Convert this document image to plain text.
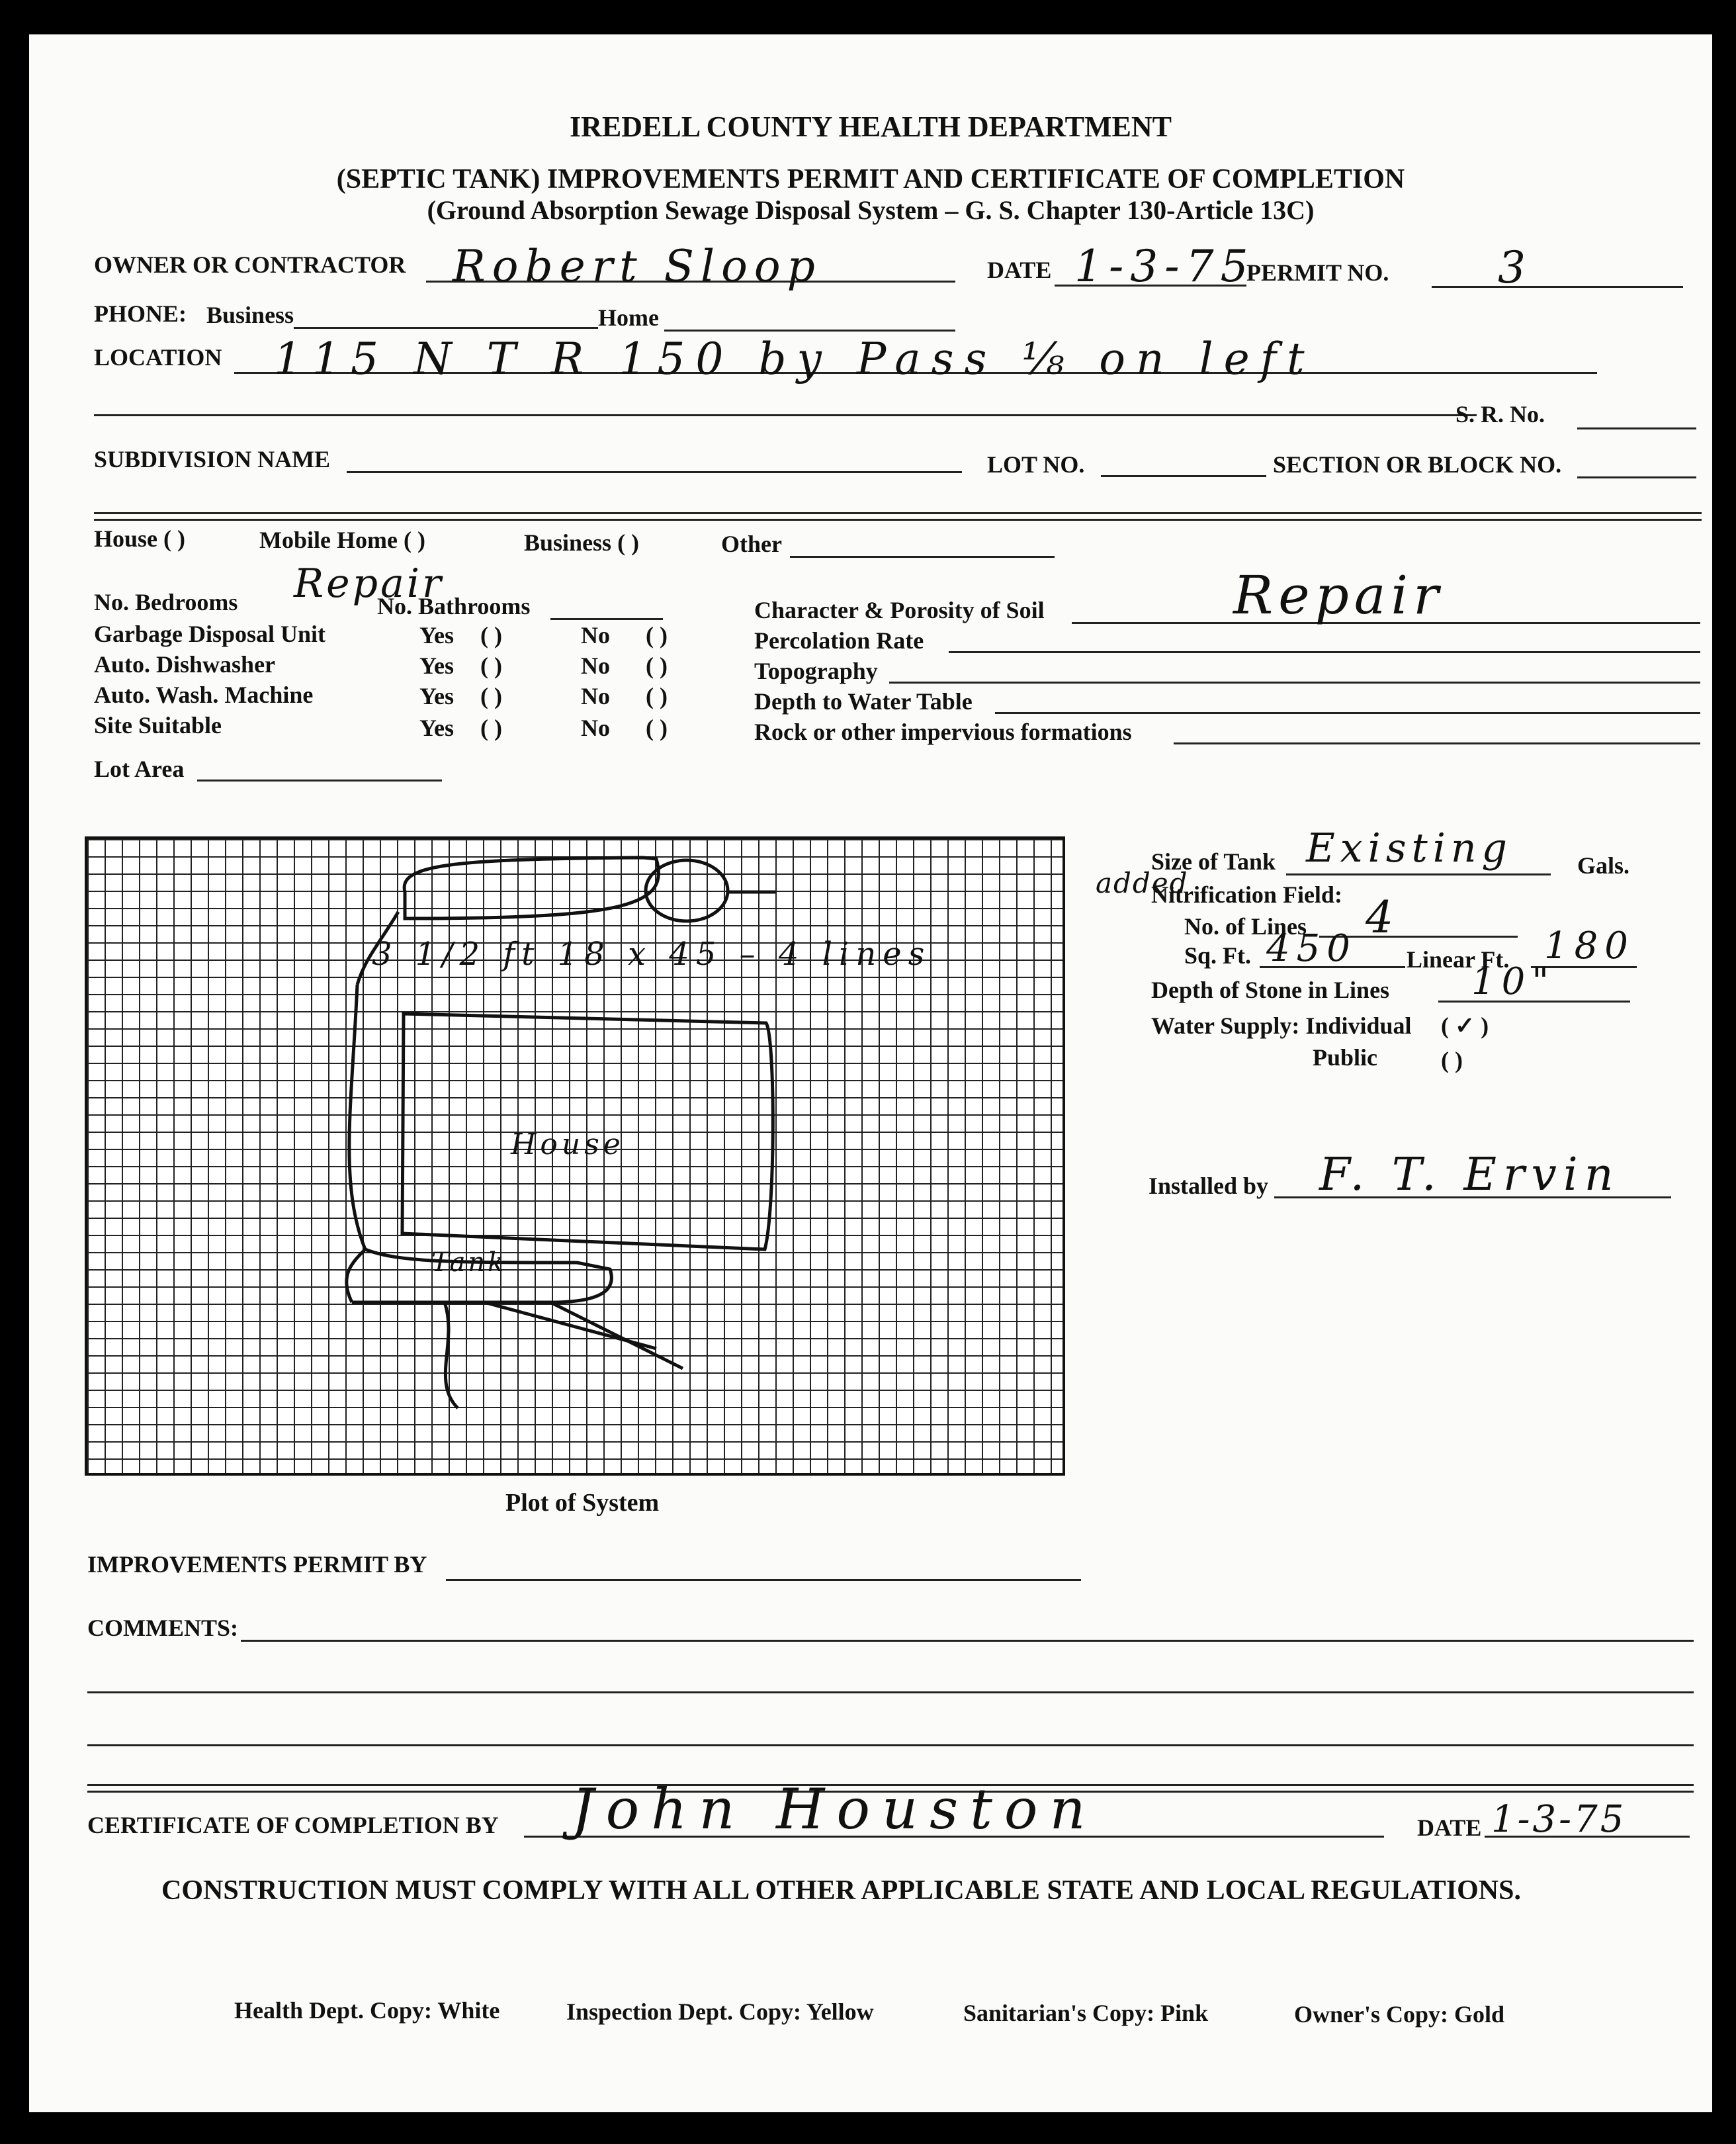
IREDELL COUNTY HEALTH DEPARTMENT
(SEPTIC TANK) IMPROVEMENTS PERMIT AND CERTIFICATE OF COMPLETION
(Ground Absorption Sewage Disposal System – G. S. Chapter 130-Article 13C)
OWNER OR CONTRACTOR Robert Sloop	DATE 1-3-75
PERMIT NO. 3
PHONE: Business	Home
LOCATION 115 N T R 150 by Pass ⅛ on left
S. R. No.
SUBDIVISION NAME	LOT NO.	SECTION OR BLOCK NO.
House ( )	Mobile Home ( )	Business ( )	Other
No. Bedrooms Repair
No. Bathrooms
Garbage Disposal Unit	Yes ( )	No ( )
Auto. Dishwasher	Yes ( )	No ( )
Auto. Wash. Machine	Yes ( )	No ( )
Site Suitable	Yes ( )	No ( )
Lot Area
Character & Porosity of Soil	Repair
Percolation Rate
Topography
Depth to Water Table
Rock or other impervious formations
3 1/2 ft 18 x 45 – 4 lines
House
Tank
Plot of System
added
Size of Tank Existing	Gals.
Nitrification Field:
No. of Lines 4
Sq. Ft. 450 Linear Ft. 180
Depth of Stone in Lines 10"
Water Supply: Individual ( ✓ )
Public	( )
Installed by F. T. Ervin
IMPROVEMENTS PERMIT BY
COMMENTS:
CERTIFICATE OF COMPLETION BY John Houston	DATE 1-3-75
CONSTRUCTION MUST COMPLY WITH ALL OTHER APPLICABLE STATE AND LOCAL REGULATIONS.
Health Dept. Copy: White	Inspection Dept. Copy: Yellow	Sanitarian's Copy: Pink	Owner's Copy: Gold
